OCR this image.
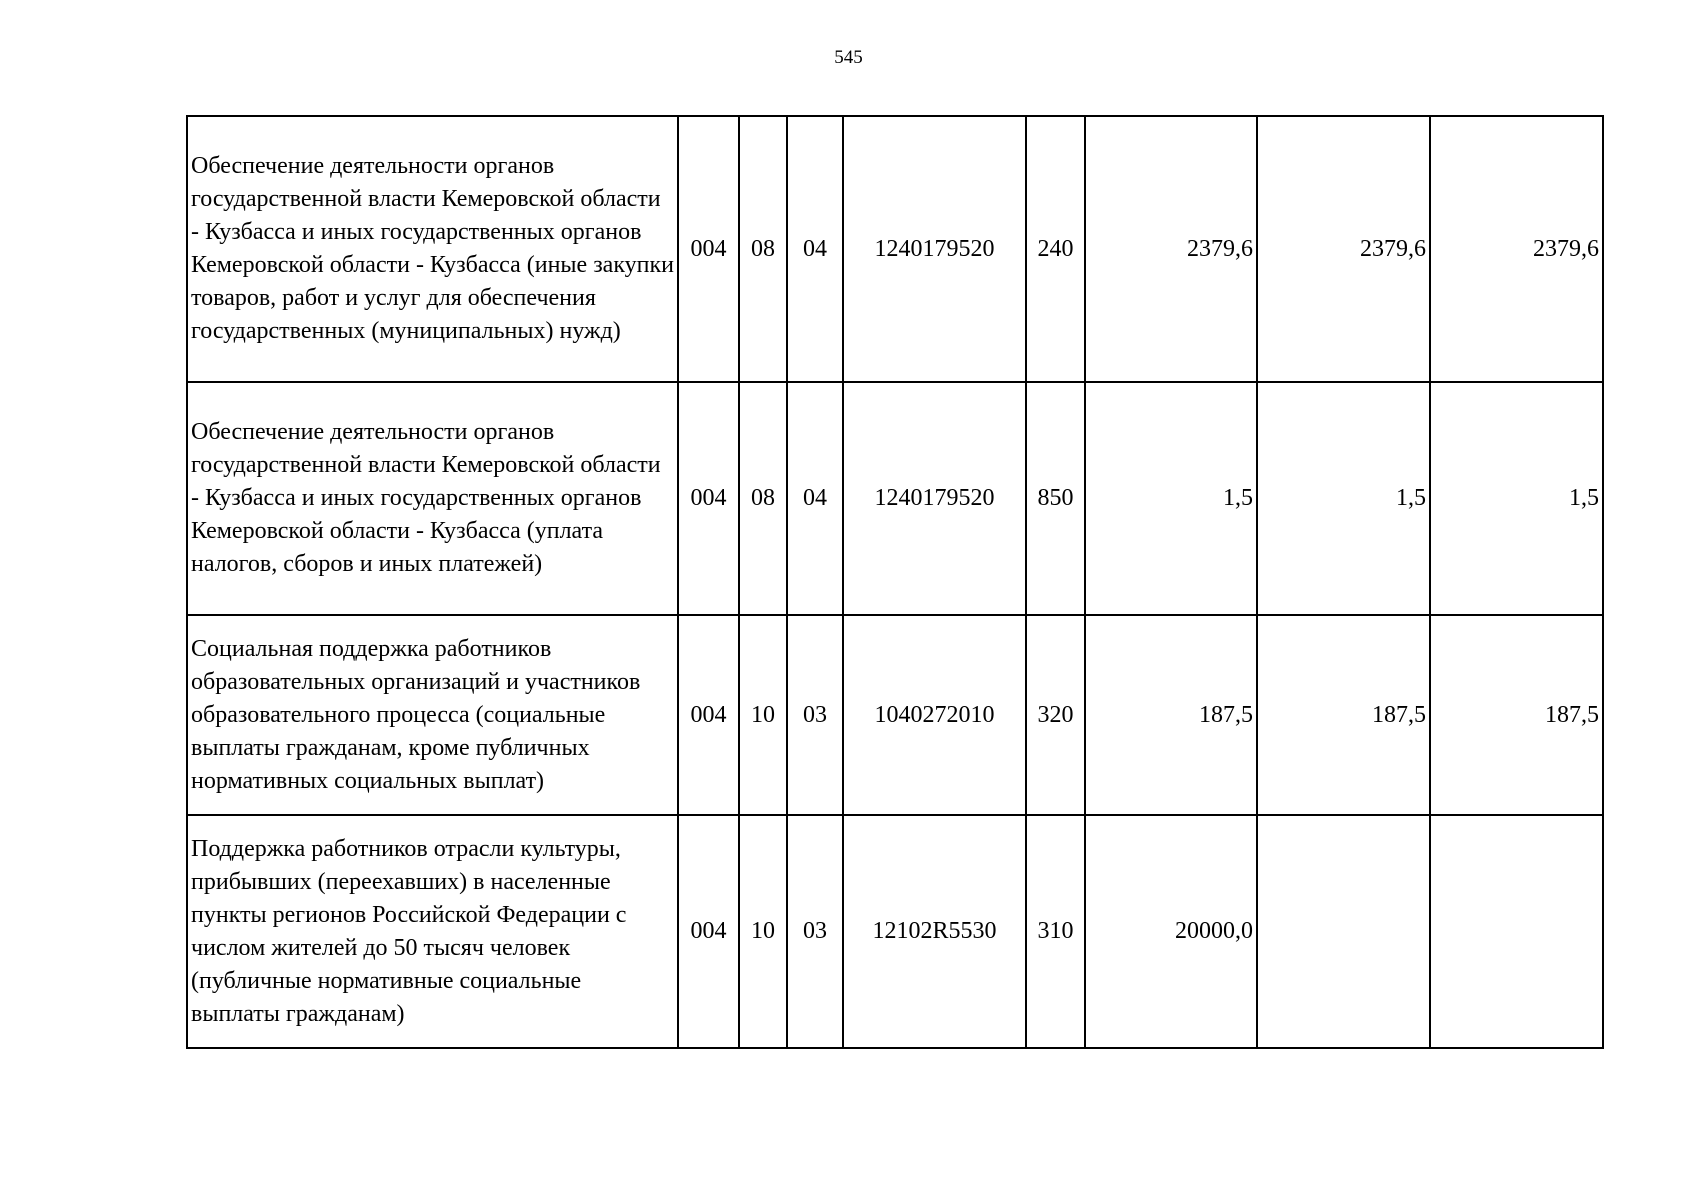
545
Обеспечение деятельности органов государственной власти Кемеровской области - Кузбасса и иных государственных органов Кемеровской области - Кузбасса (иные закупки товаров, работ и услуг для обеспечения государственных (муниципальных) нужд)	004	08	04	1240179520	240	2379,6	2379,6	2379,6
Обеспечение деятельности органов государственной власти Кемеровской области - Кузбасса и иных государственных органов Кемеровской области - Кузбасса (уплата налогов, сборов и иных платежей)	004	08	04	1240179520	850	1,5	1,5	1,5
Социальная поддержка работников образовательных организаций и участников образовательного процесса (социальные выплаты гражданам, кроме публичных нормативных социальных выплат)	004	10	03	1040272010	320	187,5	187,5	187,5
Поддержка работников отрасли культуры, прибывших (переехавших) в населенные пункты регионов Российской Федерации с числом жителей до 50 тысяч человек (публичные нормативные социальные выплаты гражданам)	004	10	03	12102R5530	310	20000,0		
